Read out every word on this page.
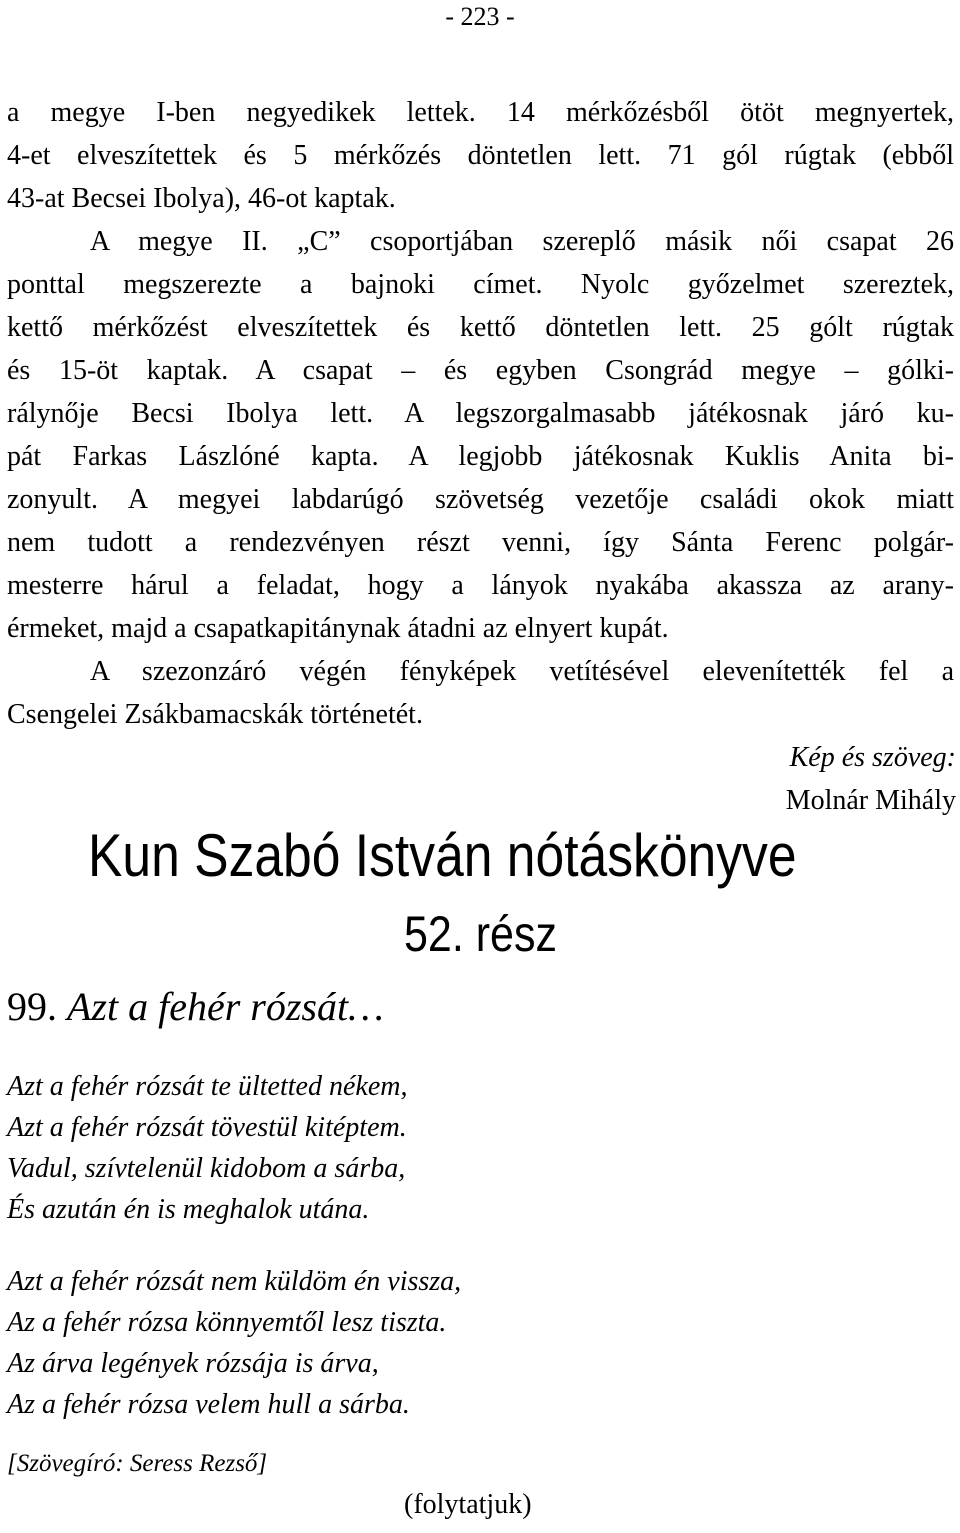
- 223 -
a megye I-ben negyedikek lettek. 14 mérkőzésből ötöt megnyertek,
4-et elveszítettek és 5 mérkőzés döntetlen lett. 71 gól rúgtak (ebből
43-at Becsei Ibolya), 46-ot kaptak.
A megye II. „C” csoportjában szereplő másik női csapat 26
ponttal megszerezte a bajnoki címet. Nyolc győzelmet szereztek,
kettő mérkőzést elveszítettek és kettő döntetlen lett. 25 gólt rúgtak
és 15-öt kaptak. A csapat – és egyben Csongrád megye – gólki-
rálynője Becsi Ibolya lett. A legszorgalmasabb játékosnak járó ku-
pát Farkas Lászlóné kapta. A legjobb játékosnak Kuklis Anita bi-
zonyult. A megyei labdarúgó szövetség vezetője családi okok miatt
nem tudott a rendezvényen részt venni, így Sánta Ferenc polgár-
mesterre hárul a feladat, hogy a lányok nyakába akassza az arany-
érmeket, majd a csapatkapitánynak átadni az elnyert kupát.
A szezonzáró végén fényképek vetítésével elevenítették fel a
Csengelei Zsákbamacskák történetét.
Kép és szöveg:
Molnár Mihály
Kun Szabó István nótáskönyve
52. rész
99. Azt a fehér rózsát…
Azt a fehér rózsát te ültetted nékem,
Azt a fehér rózsát tövestül kitéptem.
Vadul, szívtelenül kidobom a sárba,
És azután én is meghalok utána.
Azt a fehér rózsát nem küldöm én vissza,
Az a fehér rózsa könnyemtől lesz tiszta.
Az árva legények rózsája is árva,
Az a fehér rózsa velem hull a sárba.
[Szövegíró: Seress Rezső]
(folytatjuk)
